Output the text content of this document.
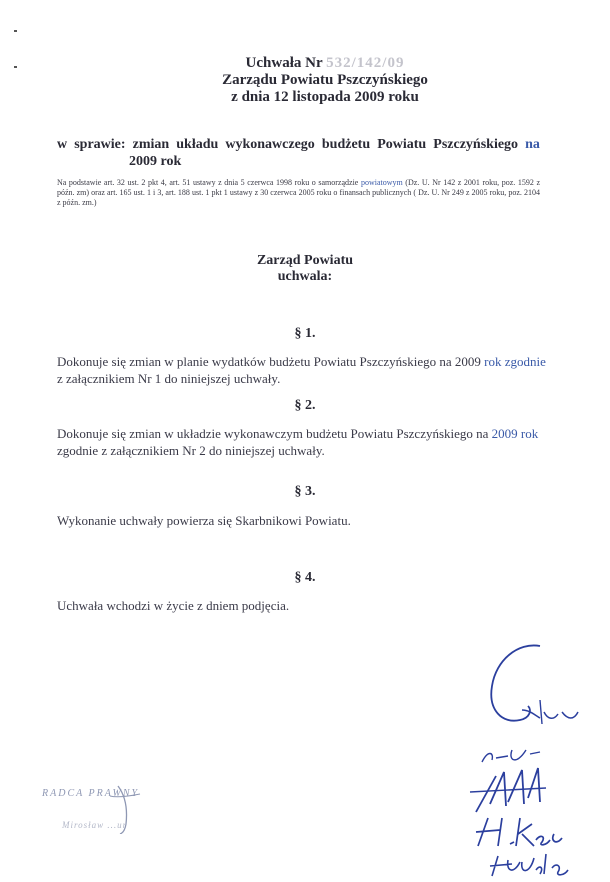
Uchwała Nr 532/142/09
Zarządu Powiatu Pszczyńskiego
z dnia 12 listopada 2009 roku
w sprawie: zmian układu wykonawczego budżetu Powiatu Pszczyńskiego na
2009 rok
Na podstawie art. 32 ust. 2 pkt 4, art. 51 ustawy z dnia 5 czerwca 1998 roku o samorządzie powiatowym (Dz. U. Nr 142 z 2001 roku, poz. 1592 z późn. zm) oraz art. 165 ust. 1 i 3, art. 188 ust. 1 pkt 1 ustawy z 30 czerwca 2005 roku o finansach publicznych ( Dz. U. Nr 249 z 2005 roku, poz. 2104 z późn. zm.)
Zarząd Powiatu
uchwala:
§ 1.
Dokonuje się zmian w planie wydatków budżetu Powiatu Pszczyńskiego na 2009 rok zgodnie
z załącznikiem Nr 1 do niniejszej uchwały.
§ 2.
Dokonuje się zmian w układzie wykonawczym budżetu Powiatu Pszczyńskiego na 2009 rok
zgodnie z załącznikiem Nr 2 do niniejszej uchwały.
§ 3.
Wykonanie uchwały powierza się Skarbnikowi Powiatu.
§ 4.
Uchwała wchodzi w życie z dniem podjęcia.
RADCA PRAWNY
Mirosław ...ur
